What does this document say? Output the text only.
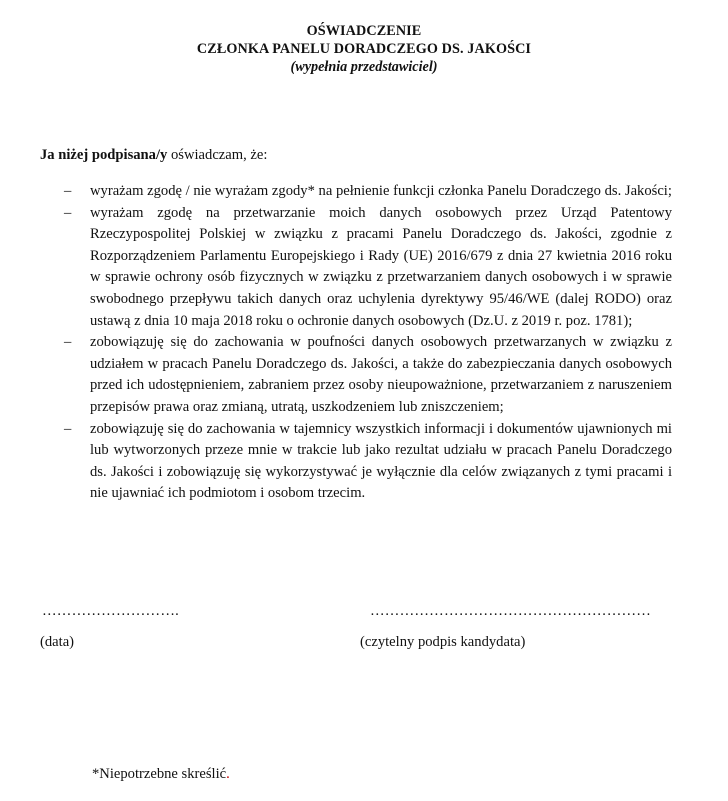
OŚWIADCZENIE
CZŁONKA PANELU DORADCZEGO DS. JAKOŚCI
(wypełnia przedstawiciel)
Ja niżej podpisana/y oświadczam, że:
– wyrażam zgodę / nie wyrażam zgody* na pełnienie funkcji członka Panelu Doradczego ds. Jakości;
– wyrażam zgodę na przetwarzanie moich danych osobowych przez Urząd Patentowy Rzeczypospolitej Polskiej w związku z pracami Panelu Doradczego ds. Jakości, zgodnie z Rozporządzeniem Parlamentu Europejskiego i Rady (UE) 2016/679 z dnia 27 kwietnia 2016 roku w sprawie ochrony osób fizycznych w związku z przetwarzaniem danych osobowych i w sprawie swobodnego przepływu takich danych oraz uchylenia dyrektywy 95/46/WE (dalej RODO) oraz ustawą z dnia 10 maja 2018 roku o ochronie danych osobowych (Dz.U. z 2019 r. poz. 1781);
– zobowiązuję się do zachowania w poufności danych osobowych przetwarzanych w związku z udziałem w pracach Panelu Doradczego ds. Jakości, a także do zabezpieczania danych osobowych przed ich udostępnieniem, zabraniem przez osoby nieupoważnione, przetwarzaniem z naruszeniem przepisów prawa oraz zmianą, utratą, uszkodzeniem lub zniszczeniem;
– zobowiązuję się do zachowania w tajemnicy wszystkich informacji i dokumentów ujawnionych mi lub wytworzonych przeze mnie w trakcie lub jako rezultat udziału w pracach Panelu Doradczego ds. Jakości i zobowiązuję się wykorzystywać je wyłącznie dla celów związanych z tymi pracami i nie ujawniać ich podmiotom i osobom trzecim.
……………………….	…………………………………………………
(data)	(czytelny podpis kandydata)
*Niepotrzebne skreślić.
